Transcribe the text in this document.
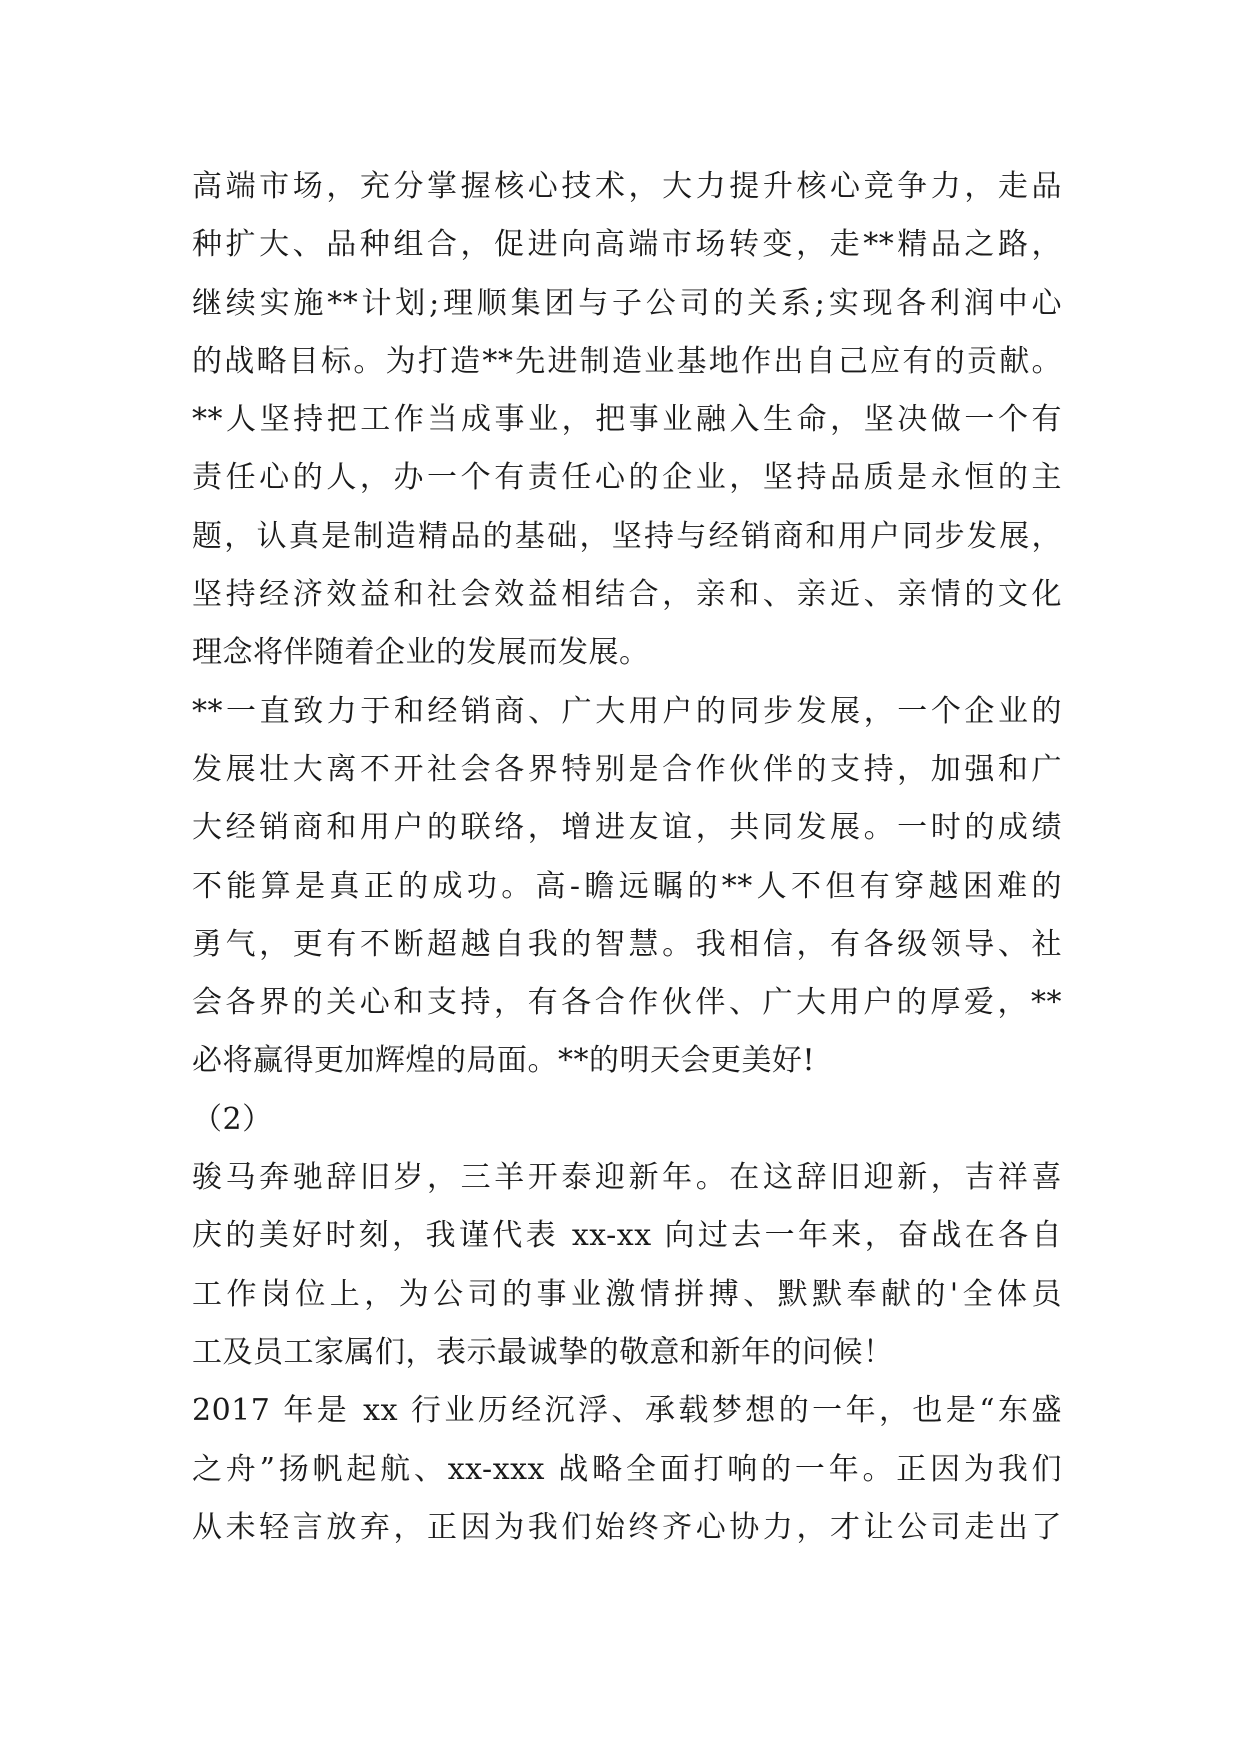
高端市场，充分掌握核心技术，大力提升核心竞争力，走品
种扩大、品种组合，促进向高端市场转变，走**精品之路，
继续实施**计划;理顺集团与子公司的关系;实现各利润中心
的战略目标。为打造**先进制造业基地作出自己应有的贡献。
**人坚持把工作当成事业，把事业融入生命，坚决做一个有
责任心的人，办一个有责任心的企业，坚持品质是永恒的主
题，认真是制造精品的基础，坚持与经销商和用户同步发展，
坚持经济效益和社会效益相结合，亲和、亲近、亲情的文化
理念将伴随着企业的发展而发展。
**一直致力于和经销商、广大用户的同步发展，一个企业的
发展壮大离不开社会各界特别是合作伙伴的支持，加强和广
大经销商和用户的联络，增进友谊，共同发展。一时的成绩
不能算是真正的成功。高-瞻远瞩的**人不但有穿越困难的
勇气，更有不断超越自我的智慧。我相信，有各级领导、社
会各界的关心和支持，有各合作伙伴、广大用户的厚爱，**
必将赢得更加辉煌的局面。**的明天会更美好!
（2）
骏马奔驰辞旧岁，三羊开泰迎新年。在这辞旧迎新，吉祥喜
庆的美好时刻，我谨代表 xx-xx 向过去一年来，奋战在各自
工作岗位上，为公司的事业激情拼搏、默默奉献的'全体员
工及员工家属们，表示最诚挚的敬意和新年的问候！
2017 年是 xx 行业历经沉浮、承载梦想的一年，也是“东盛
之舟”扬帆起航、xx-xxx 战略全面打响的一年。正因为我们
从未轻言放弃，正因为我们始终齐心协力，才让公司走出了
